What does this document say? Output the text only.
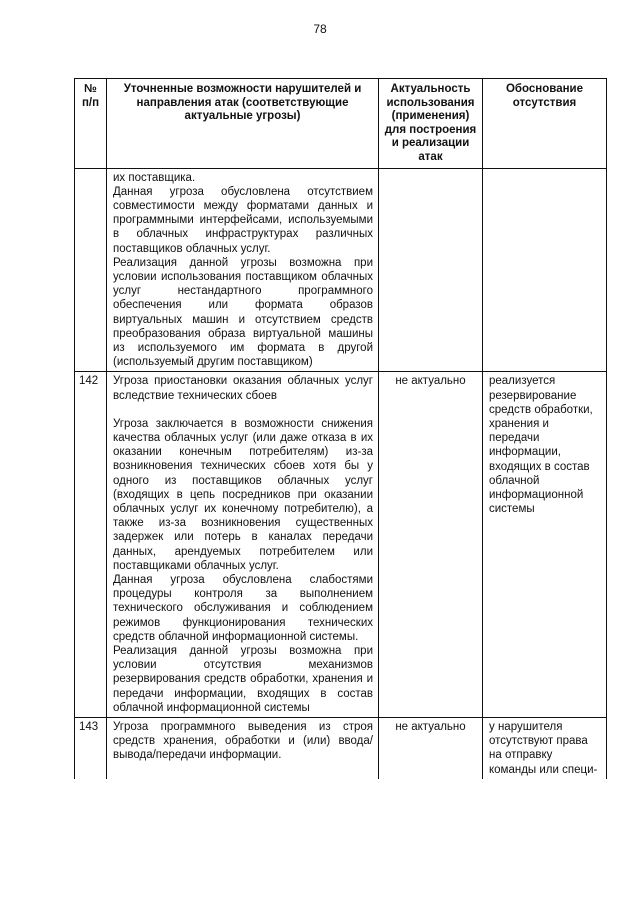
78
№ п/п	Уточненные возможности нарушителей и направления атак (соответствующие актуальные угрозы)	Актуальность использования (применения) для построения и реализации атак	Обоснование отсутствия

	их поставщика.
Данная угроза обусловлена отсутствием совместимости между форматами данных и программными интерфейсами, используемыми в облачных инфраструктурах различных поставщиков облачных услуг.
Реализация данной угрозы возможна при условии использования поставщиком облачных услуг нестандартного программного обеспечения или формата образов виртуальных машин и отсутствием средств преобразования образа виртуальной машины из используемого им формата в другой (используемый другим поставщиком)		

142	Угроза приостановки оказания облачных услуг вследствие технических сбоев
Угроза заключается в возможности снижения качества облачных услуг (или даже отказа в их оказании конечным потребителям) из-за возникновения технических сбоев хотя бы у одного из поставщиков облачных услуг (входящих в цепь посредников при оказании облачных услуг их конечному потребителю), а также из-за возникновения существенных задержек или потерь в каналах передачи данных, арендуемых потребителем или поставщиками облачных услуг.
Данная угроза обусловлена слабостями процедуры контроля за выполнением технического обслуживания и соблюдением режимов функционирования технических средств облачной информационной системы.
Реализация данной угрозы возможна при условии отсутствия механизмов резервирования средств обработки, хранения и передачи информации, входящих в состав облачной информационной системы	не актуально	реализуется резервирование средств обработки, хранения и передачи информации, входящих в состав облачной информационной системы
143	Угроза программного выведения из строя средств хранения, обработки и (или) ввода/вывода/передачи информации.	не актуально	у нарушителя отсутствуют права на отправку команды или специ-
